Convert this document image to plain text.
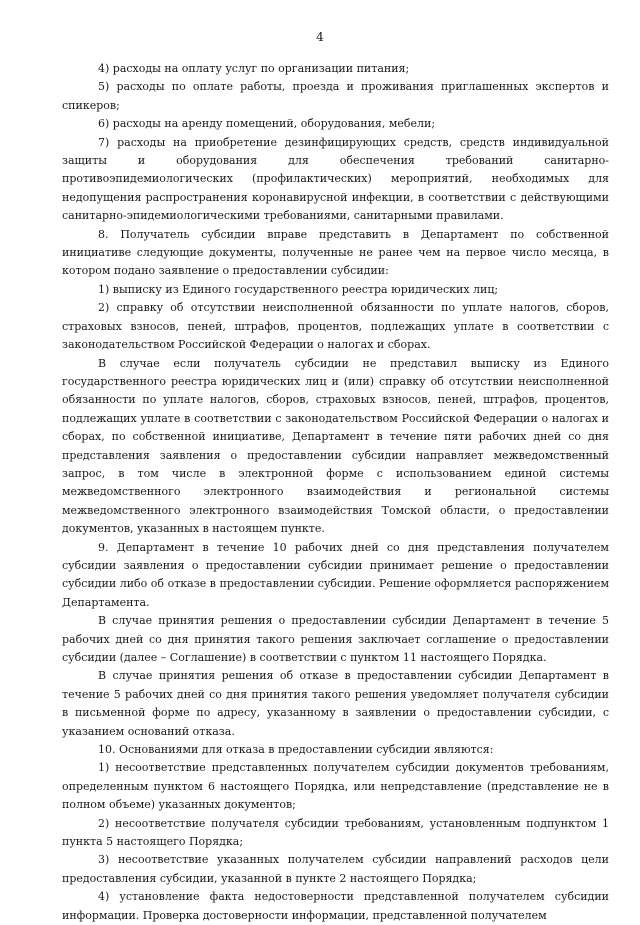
4

4) расходы на оплату услуг по организации питания;

5) расходы по оплате работы, проезда и проживания приглашенных экспертов и спикеров;

6) расходы на аренду помещений, оборудования, мебели;

7) расходы на приобретение дезинфицирующих средств, средств индивидуальной защиты и оборудования для обеспечения требований санитарно-противоэпидемиологических (профилактических) мероприятий, необходимых для недопущения распространения коронавирусной инфекции, в соответствии с действующими санитарно-эпидемиологическими требованиями, санитарными правилами.

8. Получатель субсидии вправе представить в Департамент по собственной инициативе следующие документы, полученные не ранее чем на первое число месяца, в котором подано заявление о предоставлении субсидии:

1) выписку из Единого государственного реестра юридических лиц;

2) справку об отсутствии неисполненной обязанности по уплате налогов, сборов, страховых взносов, пеней, штрафов, процентов, подлежащих уплате в соответствии с законодательством Российской Федерации о налогах и сборах.

В случае если получатель субсидии не представил выписку из Единого государственного реестра юридических лиц и (или) справку об отсутствии неисполненной обязанности по уплате налогов, сборов, страховых взносов, пеней, штрафов, процентов, подлежащих уплате в соответствии с законодательством Российской Федерации о налогах и сборах, по собственной инициативе, Департамент в течение пяти рабочих дней со дня представления заявления о предоставлении субсидии направляет межведомственный запрос, в том числе в электронной форме с использованием единой системы межведомственного электронного взаимодействия и региональной системы межведомственного электронного взаимодействия Томской области, о предоставлении документов, указанных в настоящем пункте.

9. Департамент в течение 10 рабочих дней со дня представления получателем субсидии заявления о предоставлении субсидии принимает решение о предоставлении субсидии либо об отказе в предоставлении субсидии. Решение оформляется распоряжением Департамента.

В случае принятия решения о предоставлении субсидии Департамент в течение 5 рабочих дней со дня принятия такого решения заключает соглашение о предоставлении субсидии (далее – Соглашение) в соответствии с пунктом 11 настоящего Порядка.

В случае принятия решения об отказе в предоставлении субсидии Департамент в течение 5 рабочих дней со дня принятия такого решения уведомляет получателя субсидии в письменной форме по адресу, указанному в заявлении о предоставлении субсидии, с указанием оснований отказа.

10. Основаниями для отказа в предоставлении субсидии являются:

1) несоответствие представленных получателем субсидии документов требованиям, определенным пунктом 6 настоящего Порядка, или непредставление (представление не в полном объеме) указанных документов;

2) несоответствие получателя субсидии требованиям, установленным подпунктом 1 пункта 5 настоящего Порядка;

3) несоответствие указанных получателем субсидии направлений расходов цели предоставления субсидии, указанной в пункте 2 настоящего Порядка;

4) установление факта недостоверности представленной получателем субсидии информации. Проверка достоверности информации, представленной получателем
